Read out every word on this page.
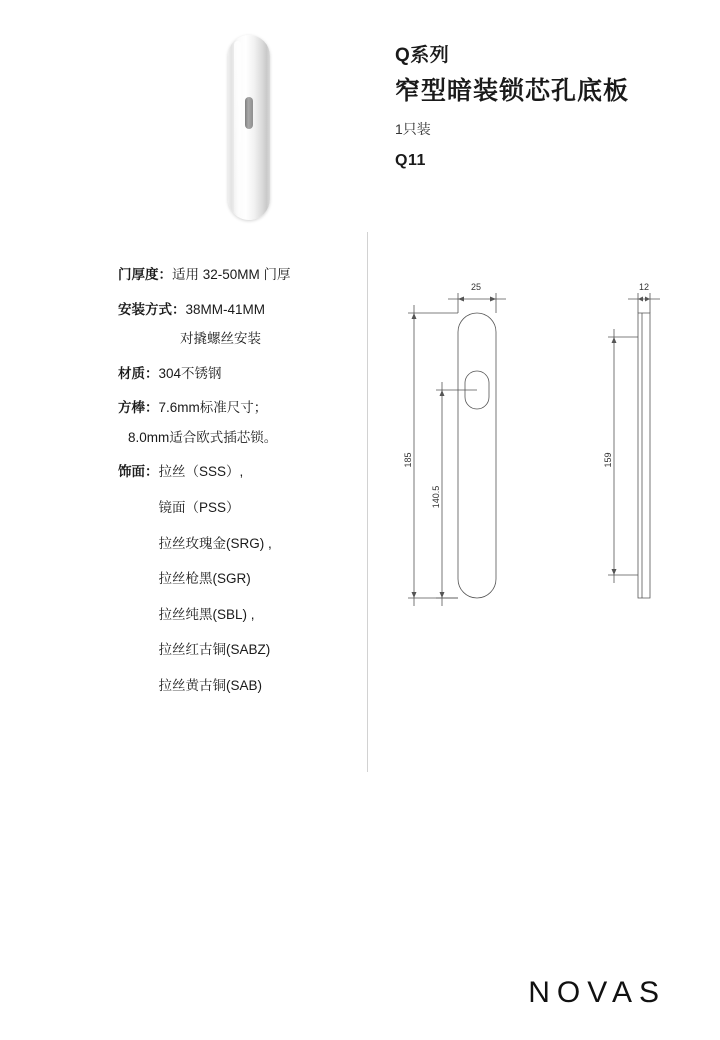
Q系列
窄型暗装锁芯孔底板
1只装
Q11
门厚度：适用 32-50MM 门厚
安装方式：38MM-41MM
对撬螺丝安装
材质：304不锈钢
方棒：7.6mm标准尺寸；
8.0mm适合欧式插芯锁。
饰面： 拉丝（SSS）,
镜面（PSS）
拉丝玫瑰金(SRG) ,
拉丝枪黑(SGR)
拉丝纯黑(SBL) ,
拉丝红古铜(SABZ)
拉丝黄古铜(SAB)
25	12
185
140.5
159
NOVAS
